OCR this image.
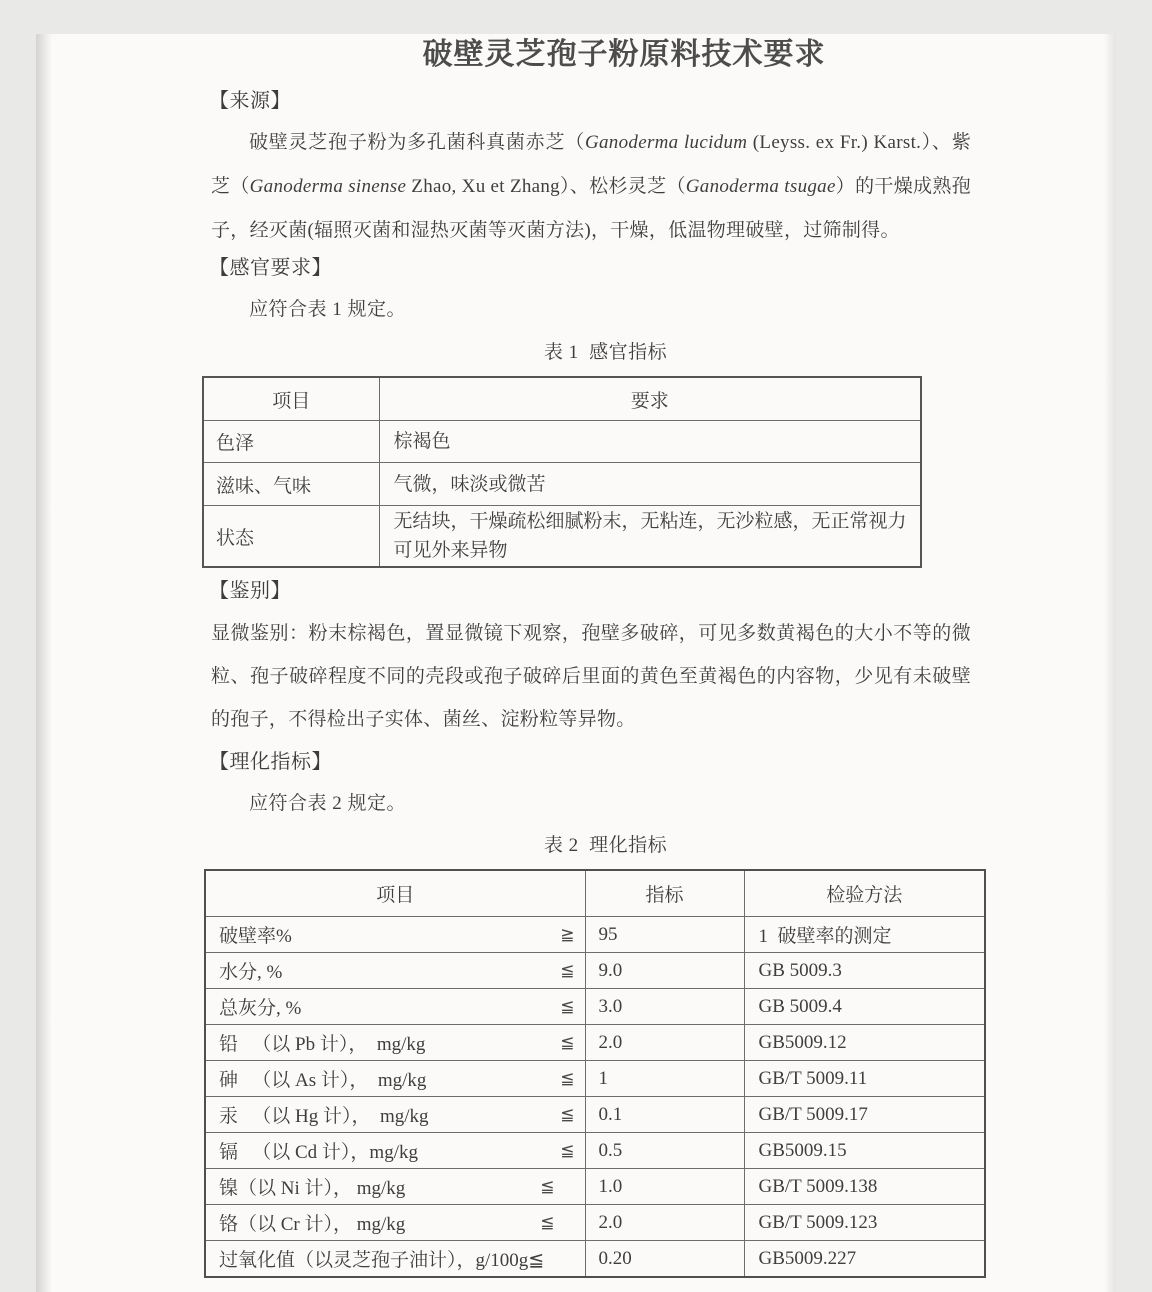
破壁灵芝孢子粉原料技术要求
【来源】

破壁灵芝孢子粉为多孔菌科真菌赤芝（Ganoderma lucidum (Leyss. ex Fr.) Karst.）、紫芝（Ganoderma sinense Zhao, Xu et Zhang）、松杉灵芝（Ganoderma tsugae）的干燥成熟孢子，经灭菌(辐照灭菌和湿热灭菌等灭菌方法)，干燥，低温物理破壁，过筛制得。

【感官要求】

应符合表 1 规定。

表 1  感官指标
项目	要求
色泽	棕褐色
滋味、气味	气微，味淡或微苦
状态	无结块，干燥疏松细腻粉末，无粘连，无沙粒感，无正常视力可见外来异物
【鉴别】

显微鉴别：粉末棕褐色，置显微镜下观察，孢壁多破碎，可见多数黄褐色的大小不等的微粒、孢子破碎程度不同的壳段或孢子破碎后里面的黄色至黄褐色的内容物，少见有未破壁的孢子，不得检出子实体、菌丝、淀粉粒等异物。

【理化指标】

应符合表 2 规定。

表 2  理化指标
项目	指标	检验方法

破壁率% ≧	95	1  破壁率的测定

水分, % ≦	9.0	GB 5009.3

总灰分, % ≦	3.0	GB 5009.4

铅   （以 Pb 计），  mg/kg ≦	2.0	GB5009.12

砷   （以 As 计），  mg/kg ≦	1	GB/T 5009.11

汞   （以 Hg 计），  mg/kg ≦	0.1	GB/T 5009.17

镉   （以 Cd 计），mg/kg ≦	0.5	GB5009.15

镍（以 Ni 计）， mg/kg ≦	1.0	GB/T 5009.138

铬（以 Cr 计）， mg/kg ≦	2.0	GB/T 5009.123

过氧化值（以灵芝孢子油计），g/100g≦	0.20	GB5009.227
